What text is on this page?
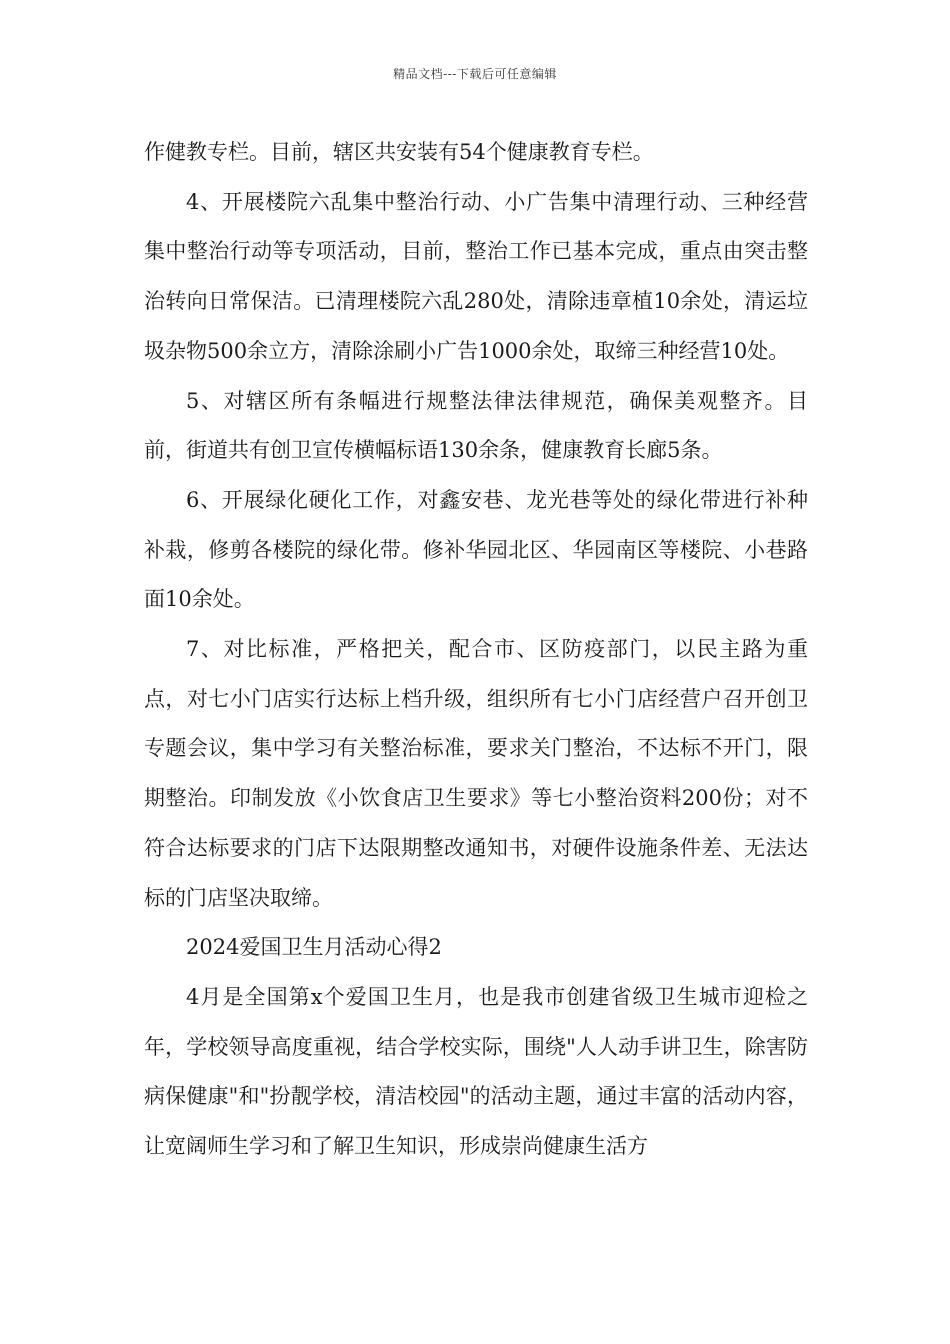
精品文档---下载后可任意编辑

作健教专栏。目前，辖区共安装有54个健康教育专栏。

4、开展楼院六乱集中整治行动、小广告集中清理行动、三种经营集中整治行动等专项活动，目前，整治工作已基本完成，重点由突击整治转向日常保洁。已清理楼院六乱280处，清除违章植10余处，清运垃圾杂物500余立方，清除涂刷小广告1000余处，取缔三种经营10处。

5、对辖区所有条幅进行规整法律法律规范，确保美观整齐。目前，街道共有创卫宣传横幅标语130余条，健康教育长廊5条。

6、开展绿化硬化工作，对鑫安巷、龙光巷等处的绿化带进行补种补栽，修剪各楼院的绿化带。修补华园北区、华园南区等楼院、小巷路面10余处。

7、对比标准，严格把关，配合市、区防疫部门，以民主路为重点，对七小门店实行达标上档升级，组织所有七小门店经营户召开创卫专题会议，集中学习有关整治标准，要求关门整治，不达标不开门，限期整治。印制发放《小饮食店卫生要求》等七小整治资料200份；对不符合达标要求的门店下达限期整改通知书，对硬件设施条件差、无法达标的门店坚决取缔。

2024爱国卫生月活动心得2

4月是全国第x个爱国卫生月，也是我市创建省级卫生城市迎检之年，学校领导高度重视，结合学校实际，围绕"人人动手讲卫生，除害防病保健康"和"扮靓学校，清洁校园"的活动主题，通过丰富的活动内容，让宽阔师生学习和了解卫生知识，形成崇尚健康生活方
